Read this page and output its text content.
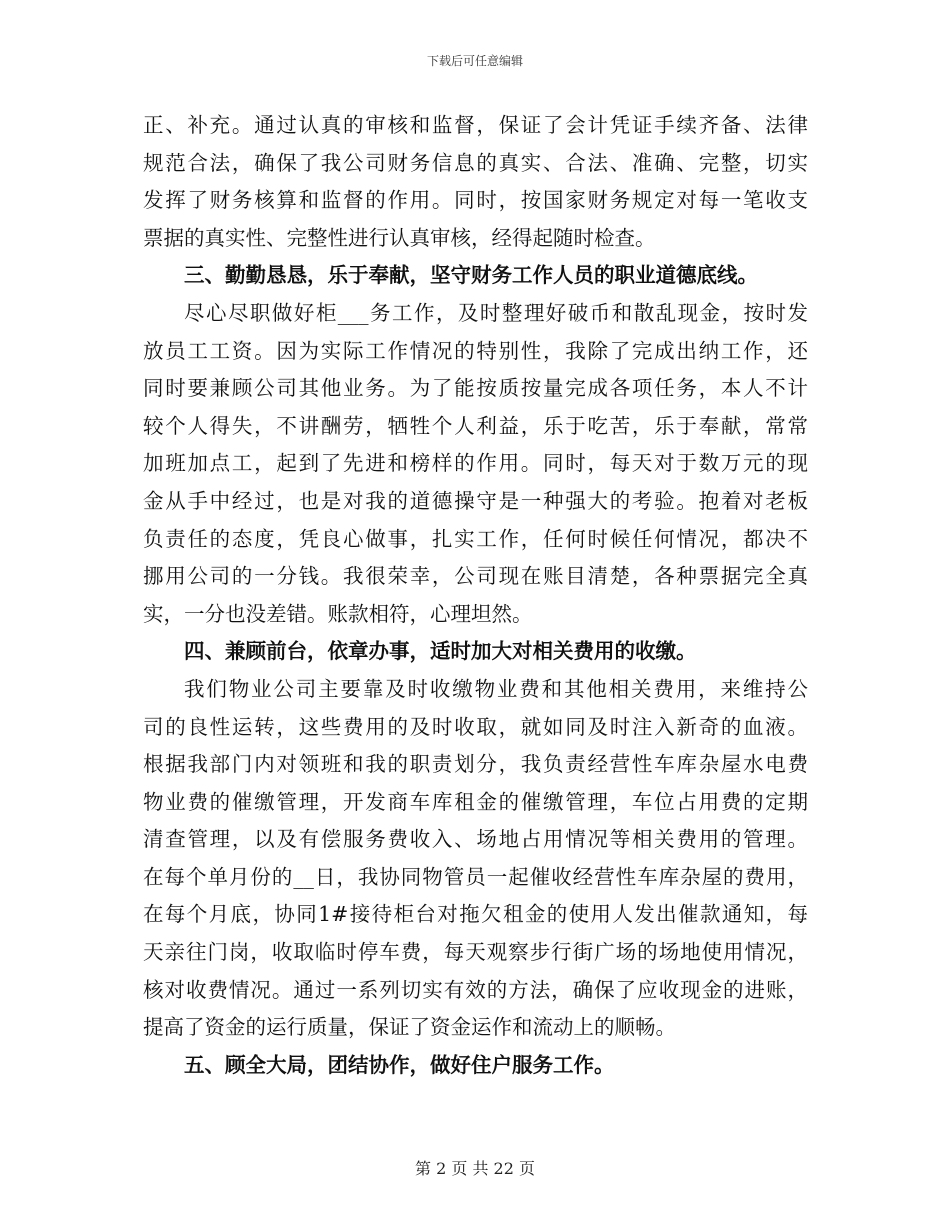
下载后可任意编辑

正、补充。通过认真的审核和监督，保证了会计凭证手续齐备、法律
规范合法，确保了我公司财务信息的真实、合法、准确、完整，切实
发挥了财务核算和监督的作用。同时，按国家财务规定对每一笔收支
票据的真实性、完整性进行认真审核，经得起随时检查。

三、勤勤恳恳，乐于奉献，坚守财务工作人员的职业道德底线。

尽心尽职做好柜___务工作，及时整理好破币和散乱现金，按时发
放员工工资。因为实际工作情况的特别性，我除了完成出纳工作，还
同时要兼顾公司其他业务。为了能按质按量完成各项任务，本人不计
较个人得失，不讲酬劳，牺牲个人利益，乐于吃苦，乐于奉献，常常
加班加点工，起到了先进和榜样的作用。同时，每天对于数万元的现
金从手中经过，也是对我的道德操守是一种强大的考验。抱着对老板
负责任的态度，凭良心做事，扎实工作，任何时候任何情况，都决不
挪用公司的一分钱。我很荣幸，公司现在账目清楚，各种票据完全真
实，一分也没差错。账款相符，心理坦然。

四、兼顾前台，依章办事，适时加大对相关费用的收缴。

我们物业公司主要靠及时收缴物业费和其他相关费用，来维持公
司的良性运转，这些费用的及时收取，就如同及时注入新奇的血液。
根据我部门内对领班和我的职责划分，我负责经营性车库杂屋水电费
物业费的催缴管理，开发商车库租金的催缴管理，车位占用费的定期
清查管理，以及有偿服务费收入、场地占用情况等相关费用的管理。
在每个单月份的__日，我协同物管员一起催收经营性车库杂屋的费用，
在每个月底，协同1#接待柜台对拖欠租金的使用人发出催款通知，每
天亲往门岗，收取临时停车费，每天观察步行街广场的场地使用情况，
核对收费情况。通过一系列切实有效的方法，确保了应收现金的进账，
提高了资金的运行质量，保证了资金运作和流动上的顺畅。

五、顾全大局，团结协作，做好住户服务工作。

第 2 页 共 22 页
